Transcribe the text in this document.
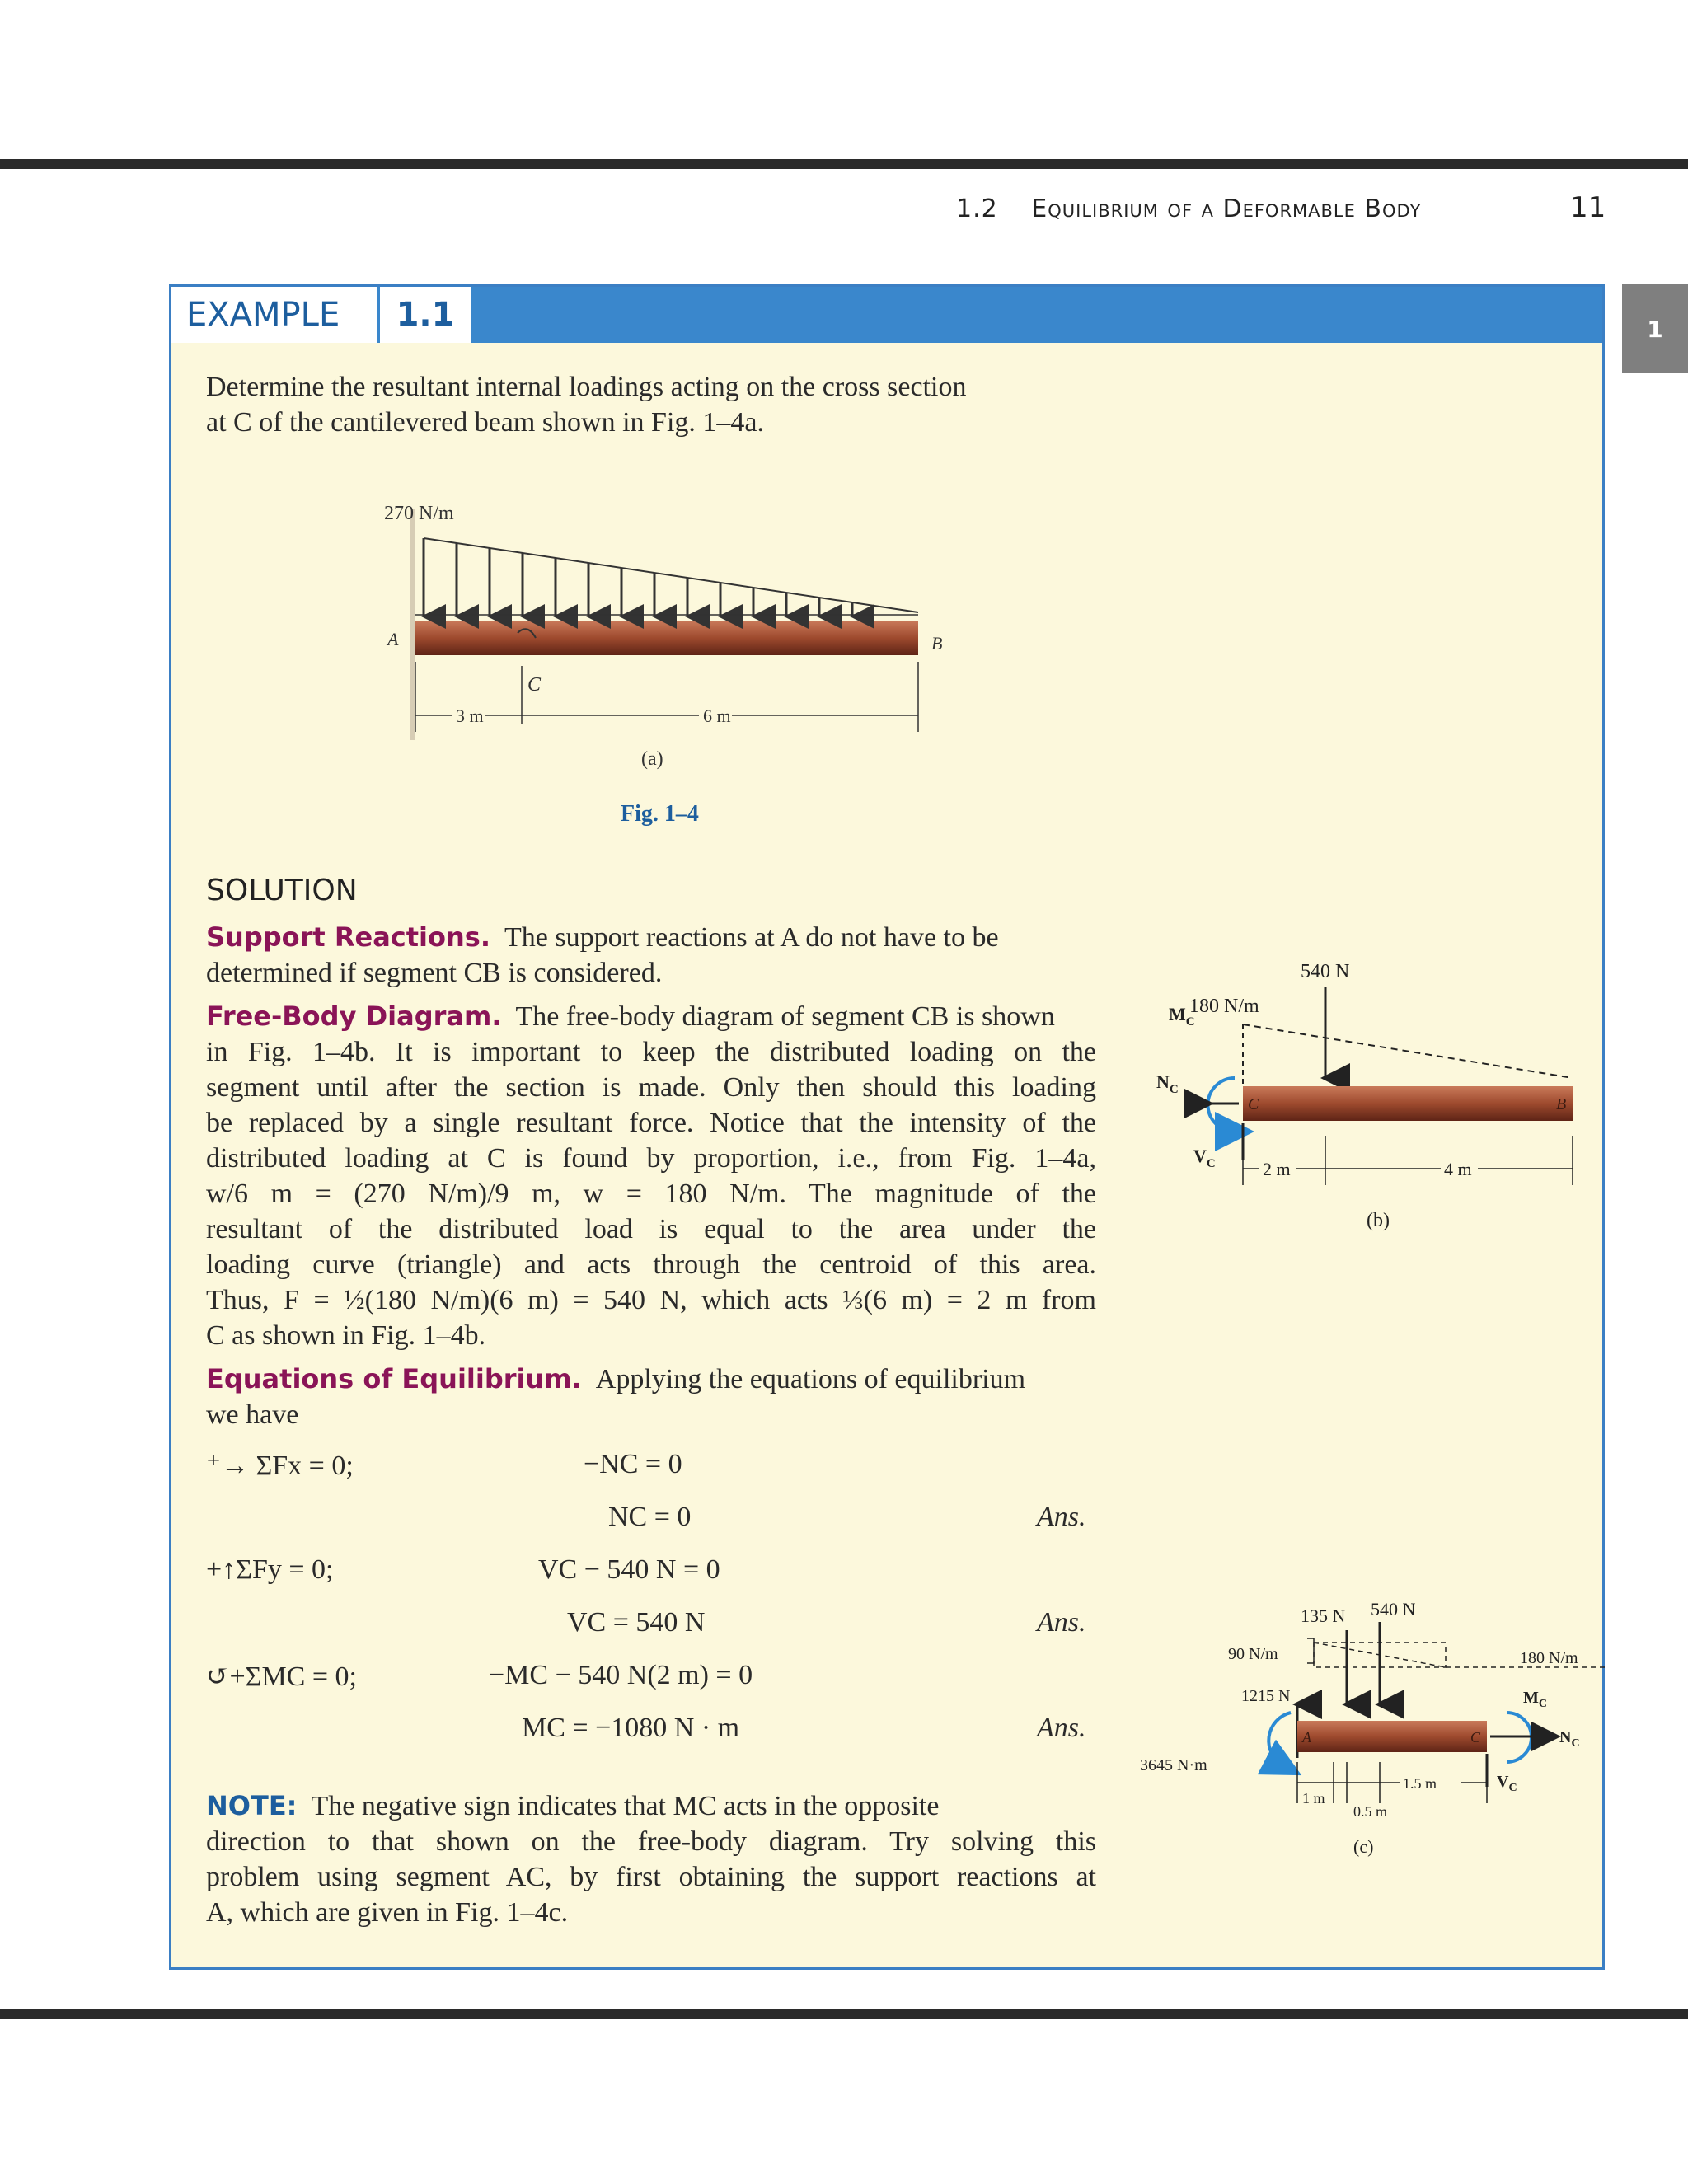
1.2 Equilibrium of a Deformable Body	11
1
EXAMPLE	1.1
Determine the resultant internal loadings acting on the cross section
at C of the cantilevered beam shown in Fig. 1–4a.
C
270 N/m
A	B
3 m	6 m
(a)
Fig. 1–4
SOLUTION
Support Reactions. The support reactions at A do not have to be
determined if segment CB is considered.
Free-Body Diagram. The free-body diagram of segment CB is shown
in Fig. 1–4b. It is important to keep the distributed loading on the
segment until after the section is made. Only then should this loading
be replaced by a single resultant force. Notice that the intensity of the
distributed loading at C is found by proportion, i.e., from Fig. 1–4a,
w/6 m = (270 N/m)/9 m, w = 180 N/m. The magnitude of the
resultant of the distributed load is equal to the area under the
loading curve (triangle) and acts through the centroid of this area.
Thus, F = ½(180 N/m)(6 m) = 540 N, which acts ⅓(6 m) = 2 m from
C as shown in Fig. 1–4b.
Equations of Equilibrium. Applying the equations of equilibrium
we have
⁺→ ΣFx = 0;	−NC = 0
NC = 0	Ans.
+↑ΣFy = 0;	VC − 540 N = 0
VC = 540 N	Ans.
↺+ΣMC = 0;	−MC − 540 N(2 m) = 0
MC = −1080 N · m	Ans.
NOTE: The negative sign indicates that MC acts in the opposite
direction to that shown on the free-body diagram. Try solving this
problem using segment AC, by first obtaining the support reactions at
A, which are given in Fig. 1–4c.
540 N
180 N/m
C	B
$M_C$
$N_C$
$V_C$	2 m	4 m
(b)
135 N 540 N
90 N/m	180 N/m
1215 N
A	C
3645 N·m
$M_C$
$N_C$
$V_C$
1 m
1.5 m
0.5 m
(c)
